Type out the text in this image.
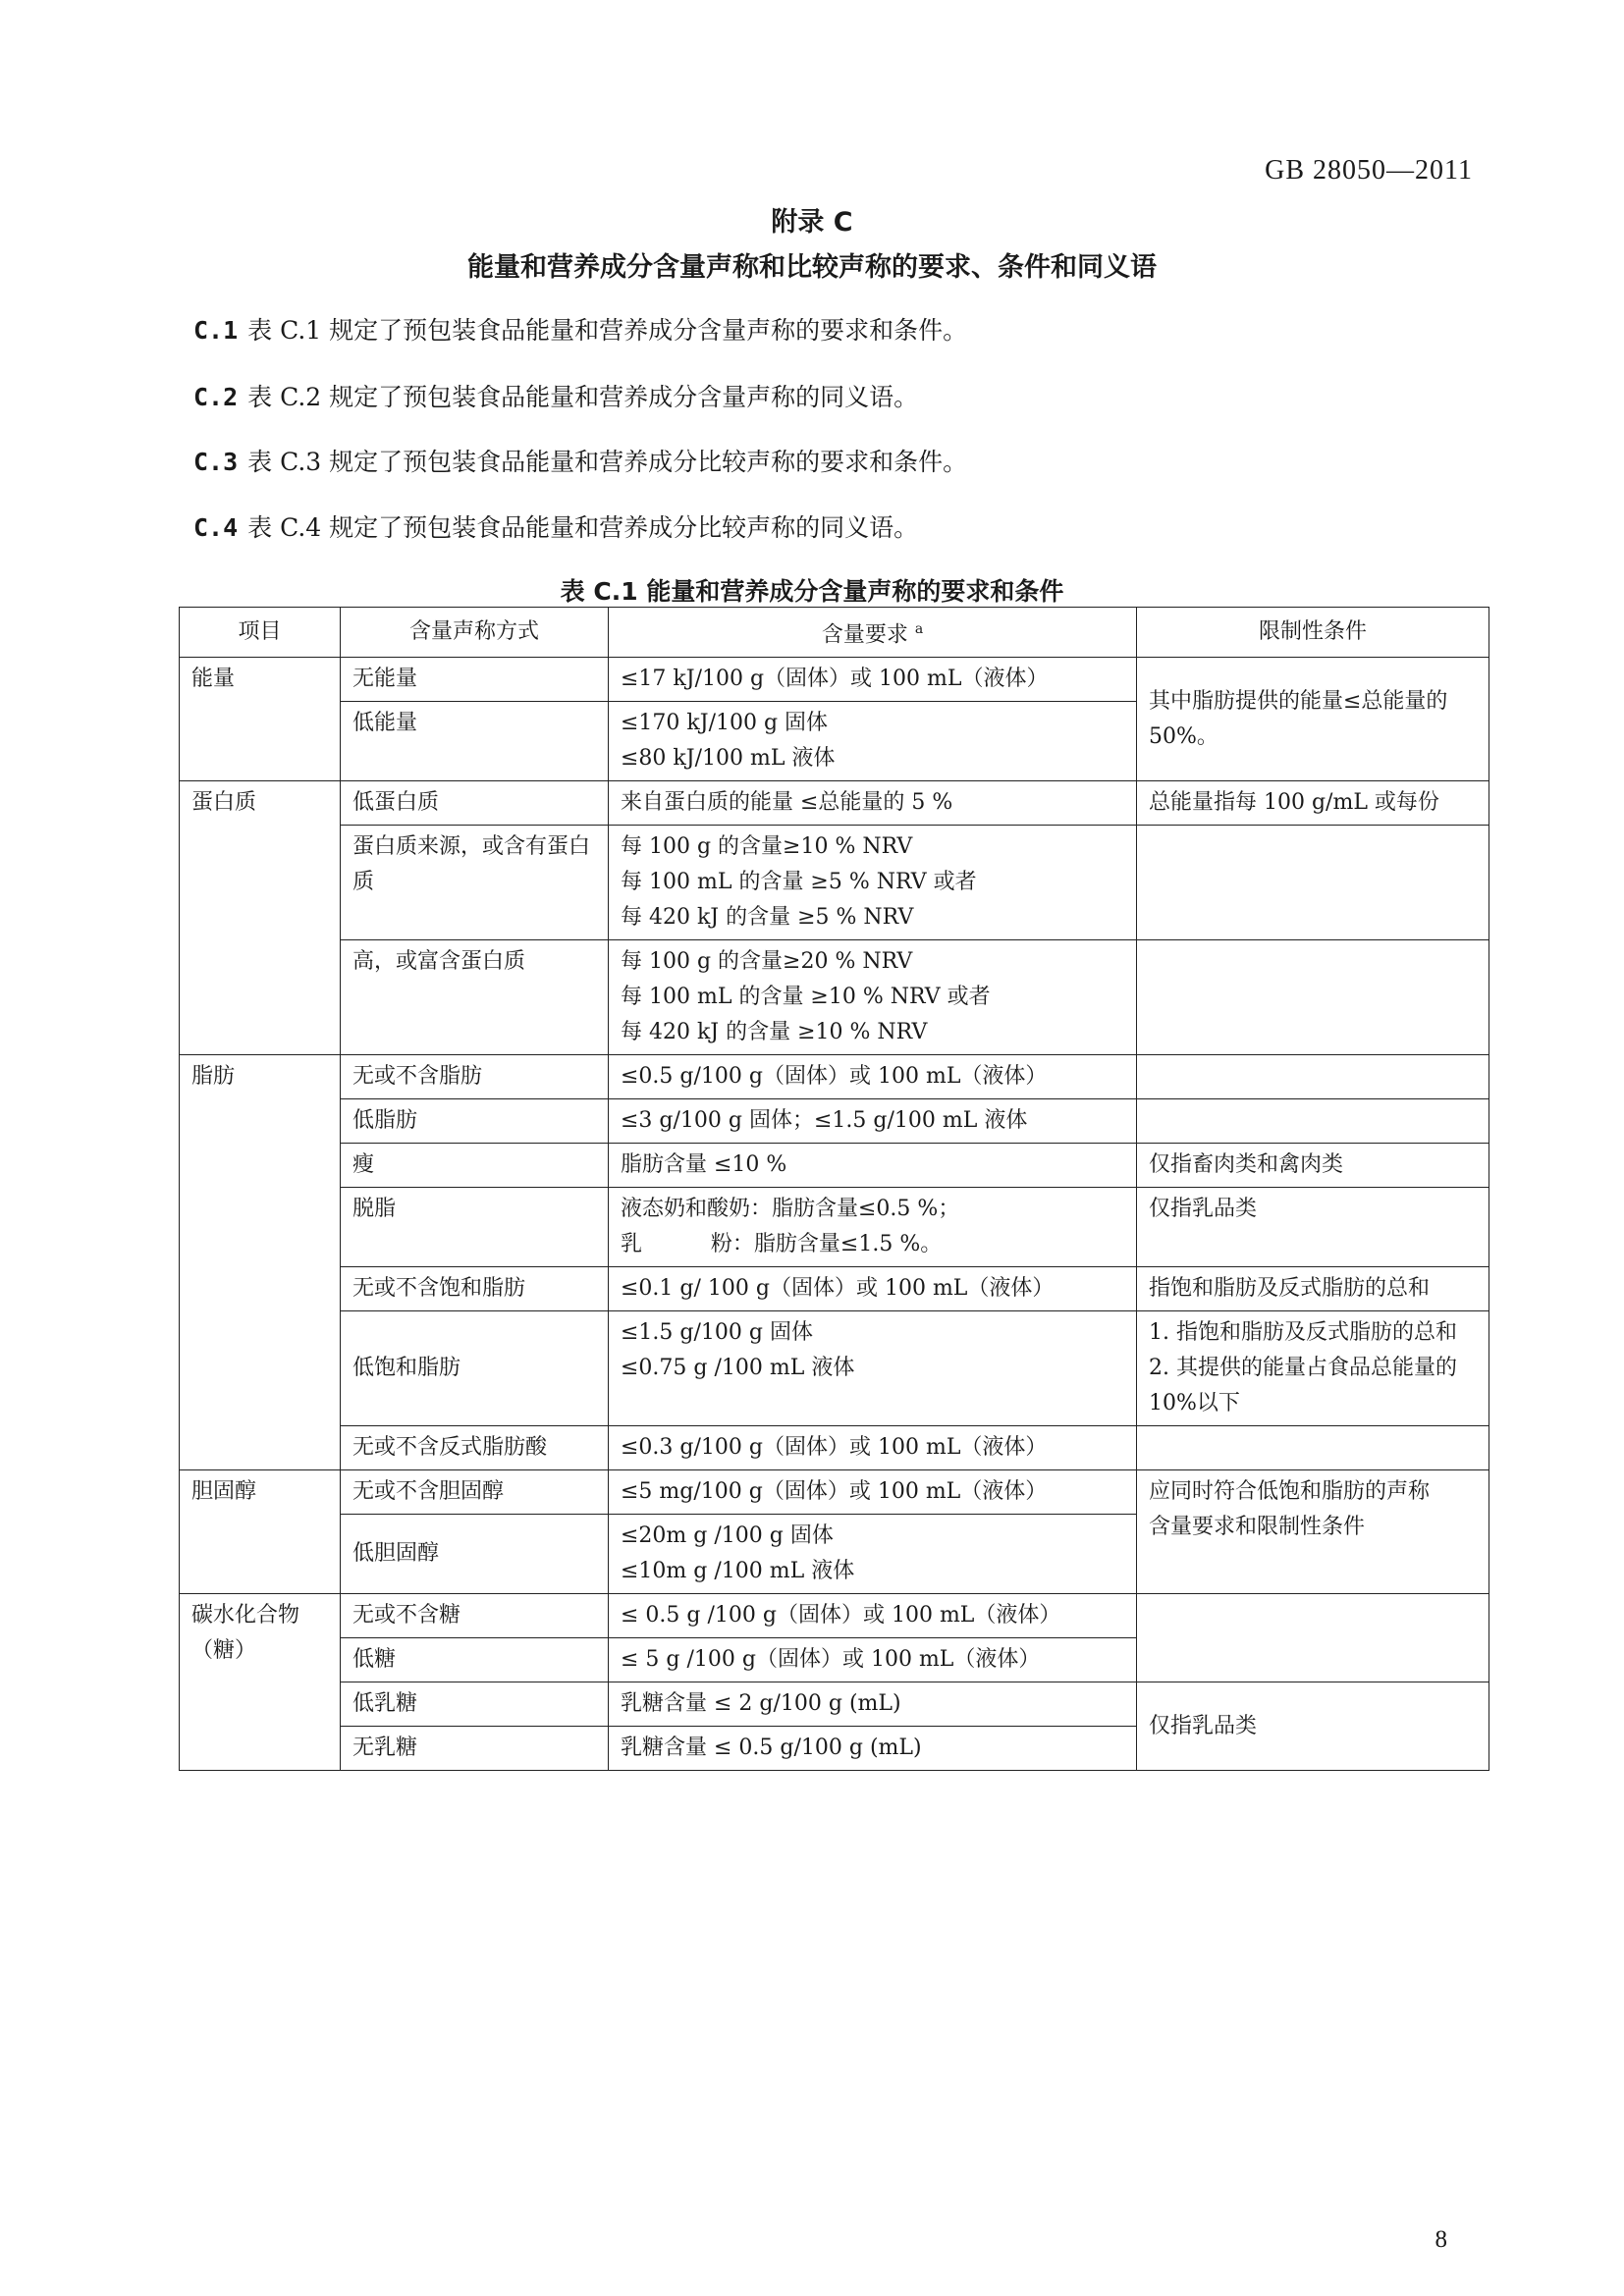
GB 28050—2011
附录 C
能量和营养成分含量声称和比较声称的要求、条件和同义语
C.1 表 C.1 规定了预包装食品能量和营养成分含量声称的要求和条件。
C.2 表 C.2 规定了预包装食品能量和营养成分含量声称的同义语。
C.3 表 C.3 规定了预包装食品能量和营养成分比较声称的要求和条件。
C.4 表 C.4 规定了预包装食品能量和营养成分比较声称的同义语。
表 C.1 能量和营养成分含量声称的要求和条件
项目	含量声称方式	含量要求 $^a$	限制性条件
能量	无能量	≤17 kJ/100 g（固体）或 100 mL（液体）	其中脂肪提供的能量≤总能量的 50%。

	低能量	≤170 kJ/100 g 固体
≤80 kJ/100 mL 液体	

蛋白质	低蛋白质	来自蛋白质的能量 ≤总能量的 5 %	总能量指每 100 g/mL 或每份

	蛋白质来源，或含有蛋白质	每 100 g 的含量≥10 % NRV
每 100 mL 的含量 ≥5 % NRV 或者
每 420 kJ 的含量 ≥5 % NRV	

	高，或富含蛋白质	每 100 g 的含量≥20 % NRV
每 100 mL 的含量 ≥10 % NRV 或者
每 420 kJ 的含量 ≥10 % NRV	

脂肪	无或不含脂肪	≤0.5 g/100 g（固体）或 100 mL（液体）	

	低脂肪	≤3 g/100 g 固体；≤1.5 g/100 mL 液体	

	瘦	脂肪含量 ≤10 %	仅指畜肉类和禽肉类

	脱脂	液态奶和酸奶：脂肪含量≤0.5 %；
乳          粉：脂肪含量≤1.5 %。	仅指乳品类

	无或不含饱和脂肪	≤0.1 g/ 100 g（固体）或 100 mL（液体）	指饱和脂肪及反式脂肪的总和

	低饱和脂肪	≤1.5 g/100 g 固体
≤0.75 g /100 mL 液体	1. 指饱和脂肪及反式脂肪的总和
2. 其提供的能量占食品总能量的 10%以下

	无或不含反式脂肪酸	≤0.3 g/100 g（固体）或 100 mL（液体）	

胆固醇	无或不含胆固醇	≤5 mg/100 g（固体）或 100 mL（液体）	应同时符合低饱和脂肪的声称
含量要求和限制性条件

	低胆固醇	≤20m g /100 g 固体
≤10m g /100 mL 液体	

碳水化合物（糖）	无或不含糖	≤ 0.5 g /100 g（固体）或 100 mL（液体）	

	低糖	≤ 5 g /100 g（固体）或 100 mL（液体）	

	低乳糖	乳糖含量 ≤ 2 g/100 g (mL)	仅指乳品类

	无乳糖	乳糖含量 ≤ 0.5 g/100 g (mL)	
8
